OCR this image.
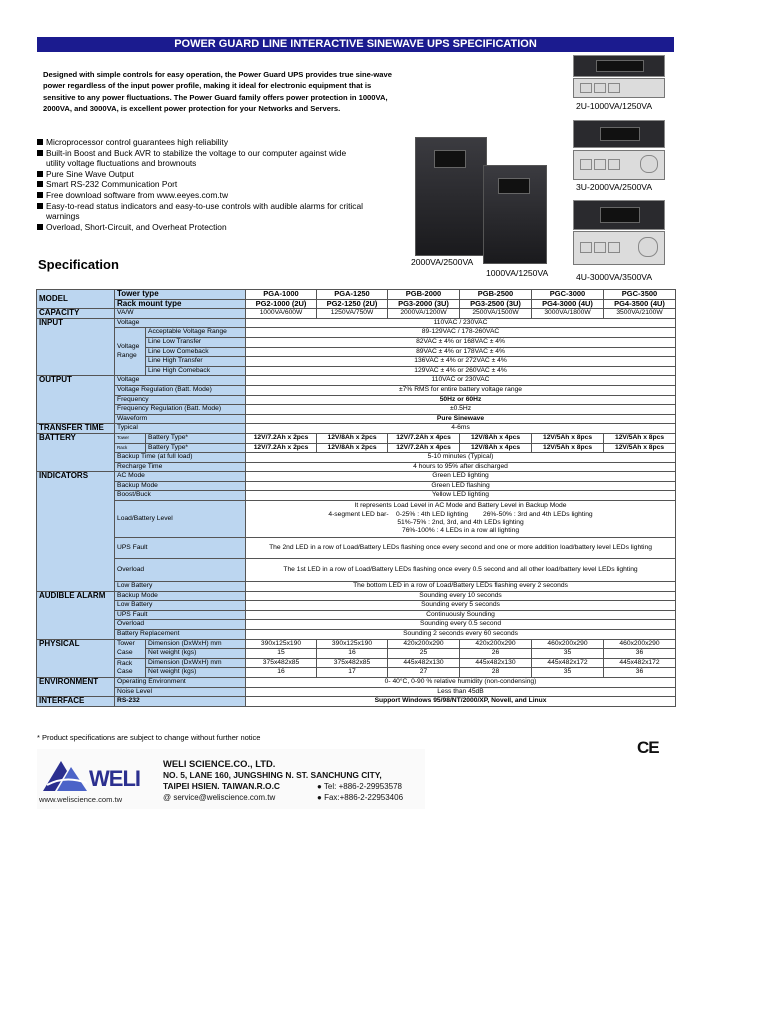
POWER GUARD LINE INTERACTIVE SINEWAVE UPS SPECIFICATION

Designed with simple controls for easy operation, the Power Guard UPS provides true sine-wave power regardless of the input power profile, making it ideal for electronic equipment that is sensitive to any power fluctuations. The Power Guard family offers power protection in 1000VA, 2000VA, and 3000VA, is excellent power protection for your Networks and Servers.

Microprocessor control guarantees high reliability
Built-in Boost and Buck AVR to stabilize the voltage to our computer against wide utility voltage fluctuations and brownouts
Pure Sine Wave Output
Smart RS-232 Communication Port
Free download software from www.eeyes.com.tw
Easy-to-read status indicators and easy-to-use controls with audible alarms for critical warnings
Overload, Short-Circuit, and Overheat Protection
2U-1000VA/1250VA
3U-2000VA/2500VA
4U-3000VA/3500VA
2000VA/2500VA
1000VA/1250VA
Specification
MODEL	Tower type		PGA-1000	PGA-1250	PGB-2000	PGB-2500	PGC-3000	PGC-3500
	Rack mount type		PG2-1000 (2U)	PG2-1250 (2U)	PG3-2000 (3U)	PG3-2500 (3U)	PG4-3000 (4U)	PG4-3500 (4U)
CAPACITY	VA/W		1000VA/600W	1250VA/750W	2000VA/1200W	2500VA/1500W	3000VA/1800W	3500VA/2100W
INPUT	Voltage		110VAC / 230VAC					
	Voltage Range	Acceptable Voltage Range	89-129VAC / 178-260VAC					
		Line Low Transfer	82VAC ± 4% or 168VAC ± 4%					
		Line Low Comeback	89VAC ± 4% or 178VAC ± 4%					
		Line High Transfer	136VAC ± 4% or 272VAC ± 4%					
		Line High Comeback	129VAC ± 4% or 260VAC ± 4%					
OUTPUT	Voltage		110VAC or 230VAC					
	Voltage Regulation (Batt. Mode)		±7% RMS for entire battery voltage range					
	Frequency		50Hz or 60Hz					
	Frequency Regulation (Batt. Mode)		±0.5Hz					
	Waveform		Pure Sinewave					
TRANSFER TIME	Typical		4-6ms					
BATTERY	Tower	Battery Type*	12V/7.2Ah x 2pcs	12V/8Ah x 2pcs	12V/7.2Ah x 4pcs	12V/8Ah x 4pcs	12V/5Ah x 8pcs	12V/5Ah x 8pcs
	Rack	Battery Type*	12V/7.2Ah x 2pcs	12V/8Ah x 2pcs	12V/7.2Ah x 4pcs	12V/8Ah x 4pcs	12V/5Ah x 8pcs	12V/5Ah x 8pcs
	Backup Time (at full load)		5-10 minutes (Typical)					
	Recharge Time		4 hours to 95% after discharged					
INDICATORS	AC Mode		Green LED lighting					
	Backup Mode		Green LED flashing					
	Boost/Buck		Yellow LED lighting					
	Load/Battery Level		It represents Load Level in AC Mode and Battery Level in Backup Mode
4-segment LED bar-    0-25% : 4th LED lighting        26%-50% : 3rd and 4th LEDs lighting
51%-75% : 2nd, 3rd, and 4th LEDs lighting
76%-100% : 4 LEDs in a row all lighting					

	UPS Fault		The 2nd LED in a row of Load/Battery LEDs flashing once every second and one or more addition load/battery level LEDs lighting					
	Overload		The 1st LED in a row of Load/Battery LEDs flashing once every 0.5 second and all other load/battery level LEDs lighting					
	Low Battery		The bottom LED in a row of Load/Battery LEDs flashing every 2 seconds					
AUDIBLE ALARM	Backup Mode		Sounding every 10 seconds					
	Low Battery		Sounding every 5 seconds					
	UPS Fault		Continuously Sounding					
	Overload		Sounding every 0.5 second					
	Battery Replacement		Sounding 2 seconds every 60 seconds					
PHYSICAL	Tower Case	Dimension (DxWxH) mm	390x125x190	390x125x190	420x200x290	420x200x290	460x200x290	460x200x290
		Net weight (kgs)	15	16	25	26	35	36
	Rack Case	Dimension (DxWxH) mm	375x482x85	375x482x85	445x482x130	445x482x130	445x482x172	445x482x172
		Net weight (kgs)	16	17	27	28	35	36
ENVIRONMENT	Operating Environment		0- 40°C, 0-90 % relative humidity (non-condensing)					
	Noise Level		Less than 45dB					
INTERFACE	RS-232		Support Windows 95/98/NT/2000/XP, Novell, and Linux					

* Product specifications are subject to change without further notice

CE
WELI
www.weliscience.com.tw
WELI SCIENCE.CO., LTD.
NO. 5, LANE 160, JUNGSHING N. ST. SANCHUNG CITY,
TAIPEI HSIEN. TAIWAN.R.O.C	● Tel: +886-2-29953578
@ service@weliscience.com.tw	● Fax:+886-2-22953406
